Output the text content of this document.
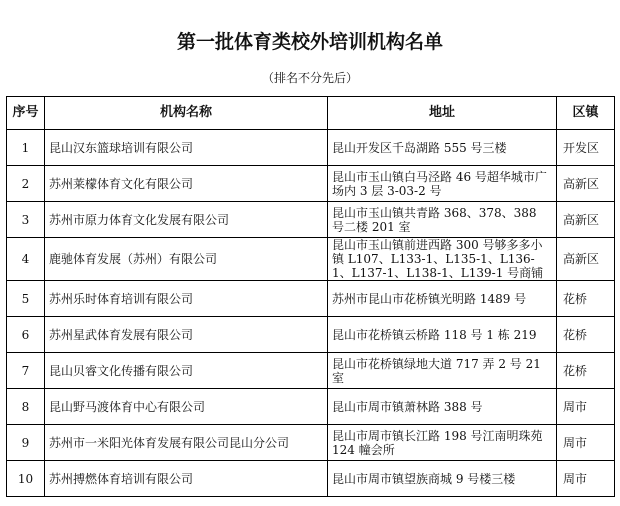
第一批体育类校外培训机构名单
（排名不分先后）
序号	机构名称	地址	区镇
1	昆山汉东篮球培训有限公司	昆山开发区千岛湖路 555 号三楼	开发区
2	苏州莱檬体育文化有限公司	昆山市玉山镇白马泾路 46 号超华城市广场内 3 层 3-03-2 号	高新区
3	苏州市原力体育文化发展有限公司	昆山市玉山镇共青路 368、378、388 号二楼 201 室	高新区
4	鹿驰体育发展（苏州）有限公司	昆山市玉山镇前进西路 300 号够多多小镇 L107、L133-1、L135-1、L136-1、L137-1、L138-1、L139-1 号商铺	高新区
5	苏州乐时体育培训有限公司	苏州市昆山市花桥镇光明路 1489 号	花桥
6	苏州星武体育发展有限公司	昆山市花桥镇云桥路 118 号 1 栋 219	花桥
7	昆山贝睿文化传播有限公司	昆山市花桥镇绿地大道 717 弄 2 号 21 室	花桥
8	昆山野马渡体育中心有限公司	昆山市周市镇萧林路 388 号	周市
9	苏州市一米阳光体育发展有限公司昆山分公司	昆山市周市镇长江路 198 号江南明珠苑 124 幢会所	周市
10	苏州搏燃体育培训有限公司	昆山市周市镇望族商城 9 号楼三楼	周市
